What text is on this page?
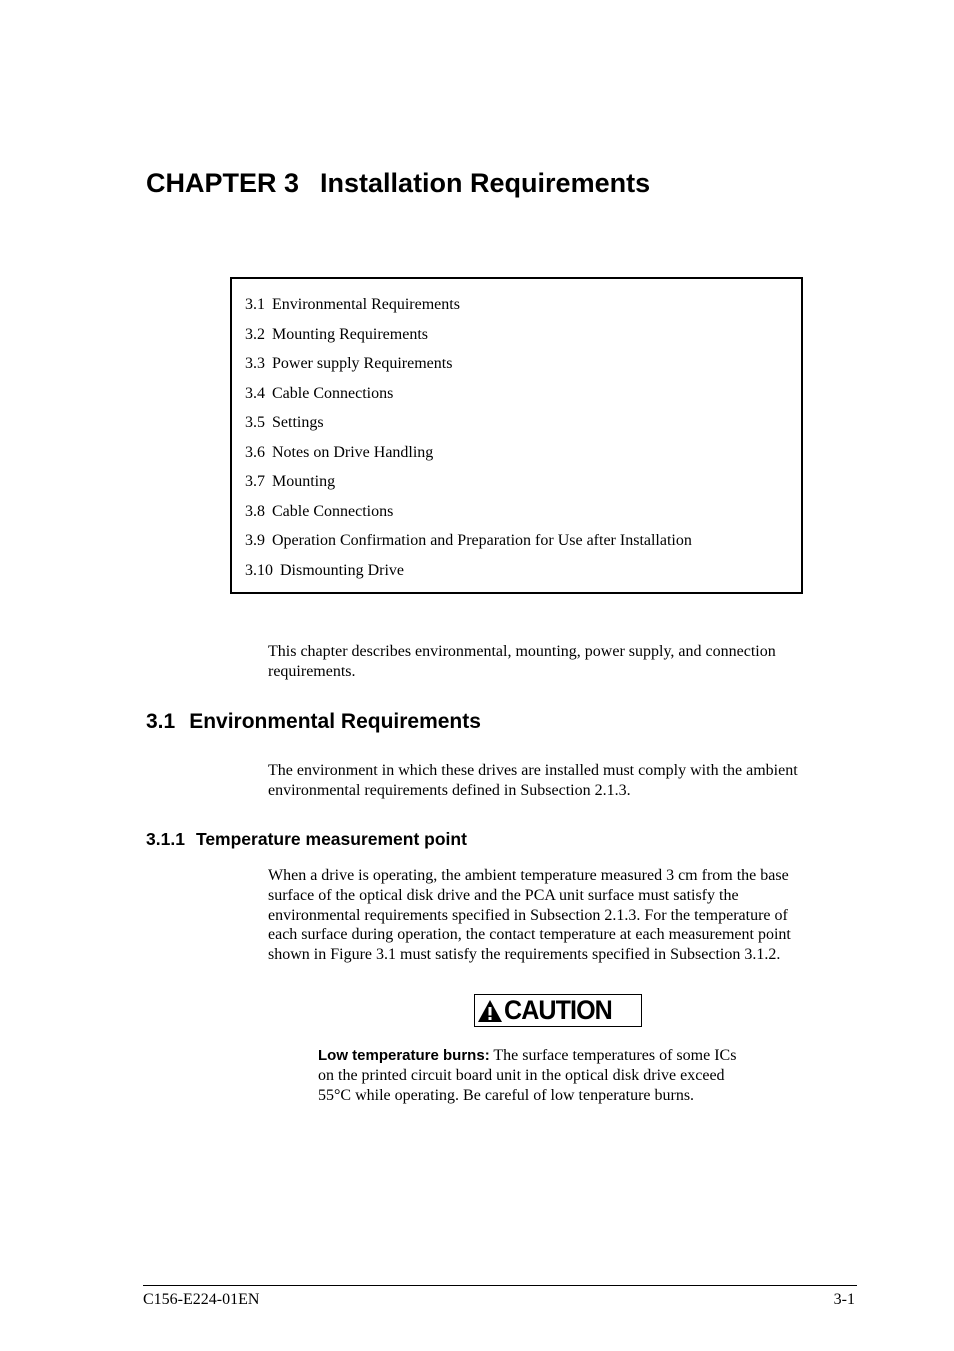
CHAPTER 3 Installation Requirements
3.1 Environmental Requirements
3.2 Mounting Requirements
3.3 Power supply Requirements
3.4 Cable Connections
3.5 Settings
3.6 Notes on Drive Handling
3.7 Mounting
3.8 Cable Connections
3.9 Operation Confirmation and Preparation for Use after Installation
3.10 Dismounting Drive

This chapter describes environmental, mounting, power supply, and connection
requirements.

3.1 Environmental Requirements

The environment in which these drives are installed must comply with the ambient
environmental requirements defined in Subsection 2.1.3.

3.1.1 Temperature measurement point

When a drive is operating, the ambient temperature measured 3 cm from the base
surface of the optical disk drive and the PCA unit surface must satisfy the
environmental requirements specified in Subsection 2.1.3. For the temperature of
each surface during operation, the contact temperature at each measurement point
shown in Figure 3.1 must satisfy the requirements specified in Subsection 3.1.2.

CAUTION

Low temperature burns: The surface temperatures of some ICs
on the printed circuit board unit in the optical disk drive exceed
55°C while operating. Be careful of low tenperature burns.

C156-E224-01EN	3-1
